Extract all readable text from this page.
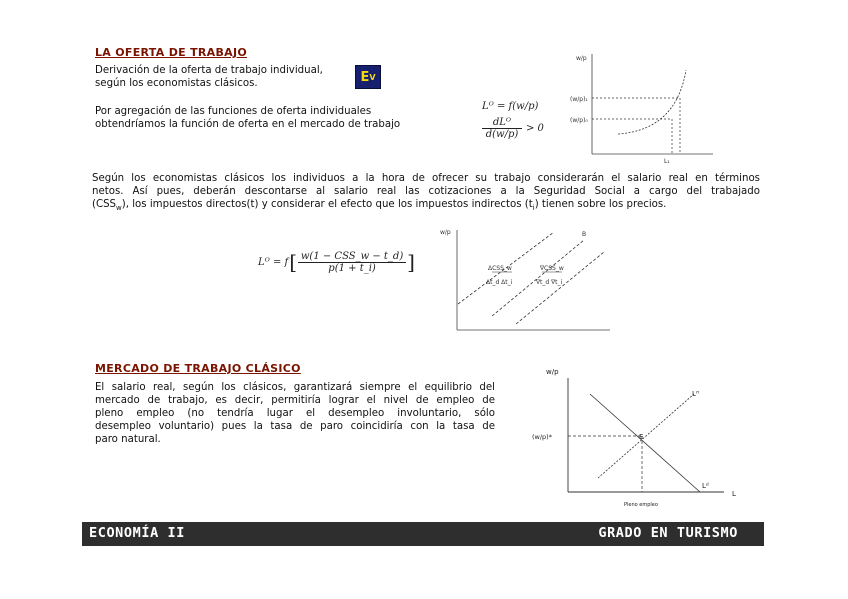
LA OFERTA DE TRABAJO
Derivación de la oferta de trabajo individual,
según los economistas clásicos.	E V
Por agregación de las funciones de oferta individuales
obtendríamos la función de oferta en el mercado de trabajo
Lᴼ = f(w/p)
dLᴼ
d(w/p)
> 0
w/p
(w/p)₁
(w/p)₀
L₁
Según los economistas clásicos los individuos a la hora de ofrecer su trabajo considerarán el salario real en términos
netos. Así pues, deberán descontarse al salario real las cotizaciones a la Seguridad Social a cargo del trabajado
$(CSS_w)$, los impuestos directos(t) y considerar el efecto que los impuestos indirectos $(t_i)$ tienen sobre los precios.
Lᴼ = f [ w(1 − CSS_w − t_d)
p(1 + t_i) ]
w/p	B
ΔCSS_w
Δt_d Δt_i
∇CSS_w
∇t_d ∇t_i
MERCADO DE TRABAJO CLÁSICO
El salario real, según los clásicos, garantizará siempre el equilibrio del
mercado de trabajo, es decir, permitiría lograr el nivel de empleo de
pleno empleo (no tendría lugar el desempleo involuntario, sólo
desempleo voluntario) pues la tasa de paro coincidiría con la tasa de
paro natural.
w/p
L
Lᴼ
Lᵈ
(w/p)*	E
Pleno empleo
ECONOMÍA II	GRADO EN TURISMO
